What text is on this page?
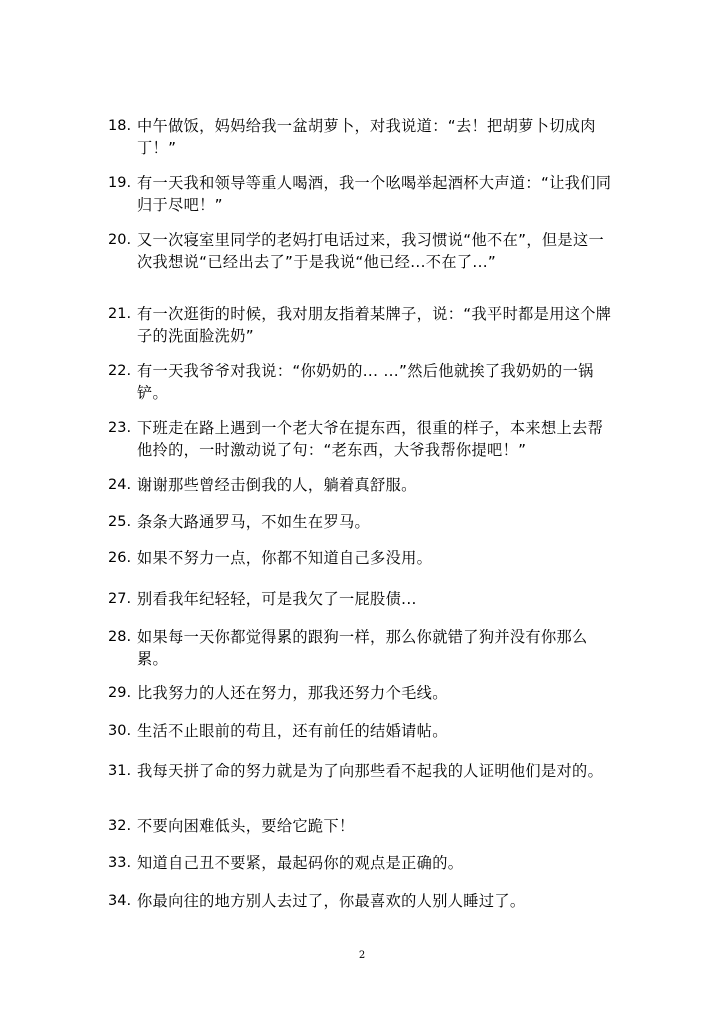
18. 中午做饭，妈妈给我一盆胡萝卜，对我说道：“去！把胡萝卜切成肉丁！”
19. 有一天我和领导等重人喝酒，我一个吆喝举起酒杯大声道：“让我们同归于尽吧！”
20. 又一次寝室里同学的老妈打电话过来，我习惯说“他不在”，但是这一次我想说“已经出去了”于是我说“他已经...不在了...”
21. 有一次逛街的时候，我对朋友指着某牌子，说：“我平时都是用这个牌子的洗面脸洗奶”
22. 有一天我爷爷对我说：“你奶奶的... ...”然后他就挨了我奶奶的一锅铲。
23. 下班走在路上遇到一个老大爷在提东西，很重的样子，本来想上去帮他拎的，一时激动说了句：“老东西，大爷我帮你提吧！”
24. 谢谢那些曾经击倒我的人，躺着真舒服。
25. 条条大路通罗马，不如生在罗马。
26. 如果不努力一点，你都不知道自己多没用。
27. 别看我年纪轻轻，可是我欠了一屁股债...
28. 如果每一天你都觉得累的跟狗一样，那么你就错了狗并没有你那么累。
29. 比我努力的人还在努力，那我还努力个毛线。
30. 生活不止眼前的苟且，还有前任的结婚请帖。
31. 我每天拼了命的努力就是为了向那些看不起我的人证明他们是对的。
32. 不要向困难低头，要给它跪下！
33. 知道自己丑不要紧，最起码你的观点是正确的。
34. 你最向往的地方别人去过了，你最喜欢的人别人睡过了。
2
